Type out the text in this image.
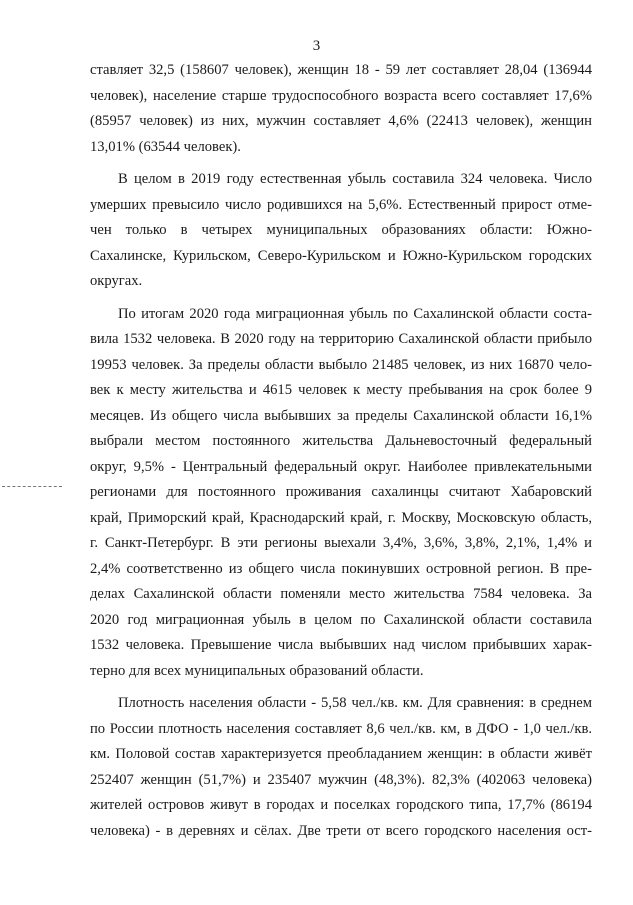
3
ставляет 32,5 (158607 человек), женщин 18 - 59 лет составляет 28,04 (136944
человек), население старше трудоспособного возраста всего составляет 17,6%
(85957 человек) из них, мужчин составляет 4,6% (22413 человек), женщин
13,01% (63544 человек).
В целом в 2019 году естественная убыль составила 324 человека. Число
умерших превысило число родившихся на 5,6%. Естественный прирост отме-
чен только в четырех муниципальных образованиях области: Южно-
Сахалинске, Курильском, Северо-Курильском и Южно-Курильском городских
округах.
По итогам 2020 года миграционная убыль по Сахалинской области соста-
вила 1532 человека. В 2020 году на территорию Сахалинской области прибыло
19953 человек. За пределы области выбыло 21485 человек, из них 16870 чело-
век к месту жительства и 4615 человек к месту пребывания на срок более 9
месяцев. Из общего числа выбывших за пределы Сахалинской области 16,1%
выбрали местом постоянного жительства Дальневосточный федеральный
округ, 9,5% - Центральный федеральный округ. Наиболее привлекательными
регионами для постоянного проживания сахалинцы считают Хабаровский
край, Приморский край, Краснодарский край, г. Москву, Московскую область,
г. Санкт-Петербург. В эти регионы выехали 3,4%, 3,6%, 3,8%, 2,1%, 1,4% и
2,4% соответственно из общего числа покинувших островной регион. В пре-
делах Сахалинской области поменяли место жительства 7584 человека. За
2020 год миграционная убыль в целом по Сахалинской области составила
1532 человека. Превышение числа выбывших над числом прибывших харак-
терно для всех муниципальных образований области.
Плотность населения области - 5,58 чел./кв. км. Для сравнения: в среднем
по России плотность населения составляет 8,6 чел./кв. км, в ДФО - 1,0 чел./кв.
км. Половой состав характеризуется преобладанием женщин: в области живёт
252407 женщин (51,7%) и 235407 мужчин (48,3%). 82,3% (402063 человека)
жителей островов живут в городах и поселках городского типа, 17,7% (86194
человека) - в деревнях и сёлах. Две трети от всего городского населения ост-
